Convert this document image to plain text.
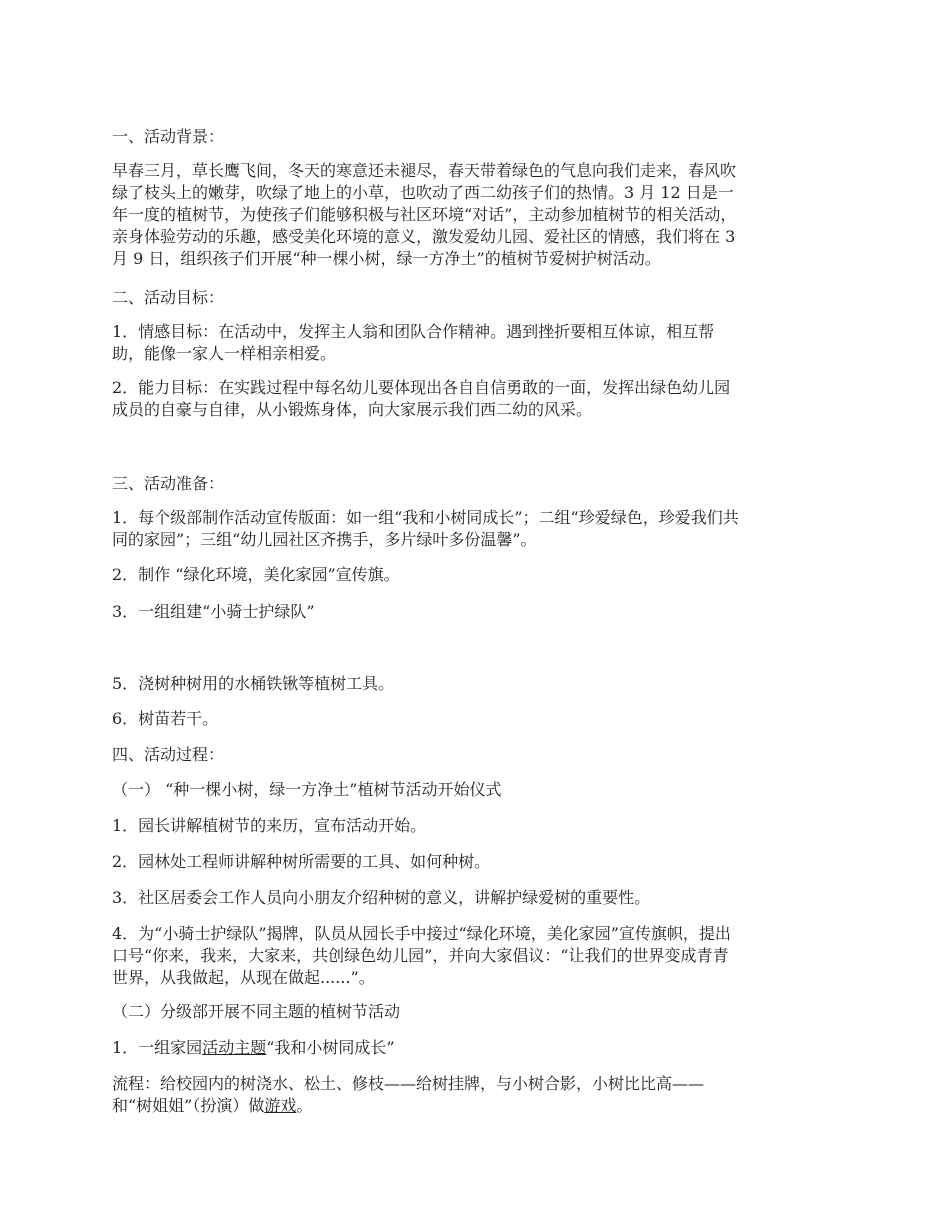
一、活动背景：
早春三月，草长鹰飞间，冬天的寒意还未褪尽，春天带着绿色的气息向我们走来，春风吹
绿了枝头上的嫩芽，吹绿了地上的小草，也吹动了西二幼孩子们的热情。3 月 12 日是一
年一度的植树节，为使孩子们能够积极与社区环境“对话”，主动参加植树节的相关活动，
亲身体验劳动的乐趣，感受美化环境的意义，激发爱幼儿园、爱社区的情感，我们将在 3
月 9 日，组织孩子们开展“种一棵小树，绿一方净土”的植树节爱树护树活动。
二、活动目标：
1．情感目标：在活动中，发挥主人翁和团队合作精神。遇到挫折要相互体谅，相互帮
助，能像一家人一样相亲相爱。
2．能力目标：在实践过程中每名幼儿要体现出各自自信勇敢的一面，发挥出绿色幼儿园
成员的自豪与自律，从小锻炼身体，向大家展示我们西二幼的风采。
三、活动准备：
1．每个级部制作活动宣传版面：如一组“我和小树同成长”；二组“珍爱绿色，珍爱我们共
同的家园”；三组“幼儿园社区齐携手，多片绿叶多份温馨”。
2．制作 “绿化环境，美化家园”宣传旗。
3．一组组建“小骑士护绿队”
5．浇树种树用的水桶铁锹等植树工具。
6．树苗若干。
四、活动过程：
（一） “种一棵小树，绿一方净土”植树节活动开始仪式
1．园长讲解植树节的来历，宣布活动开始。
2．园林处工程师讲解种树所需要的工具、如何种树。
3．社区居委会工作人员向小朋友介绍种树的意义，讲解护绿爱树的重要性。
4．为“小骑士护绿队”揭牌，队员从园长手中接过“绿化环境，美化家园”宣传旗帜，提出
口号“你来，我来，大家来，共创绿色幼儿园”，并向大家倡议：“让我们的世界变成青青
世界，从我做起，从现在做起......”。
（二）分级部开展不同主题的植树节活动
1．一组家园活动主题“我和小树同成长”
流程：给校园内的树浇水、松土、修枝——给树挂牌，与小树合影，小树比比高——
和“树姐姐”（扮演）做游戏。
